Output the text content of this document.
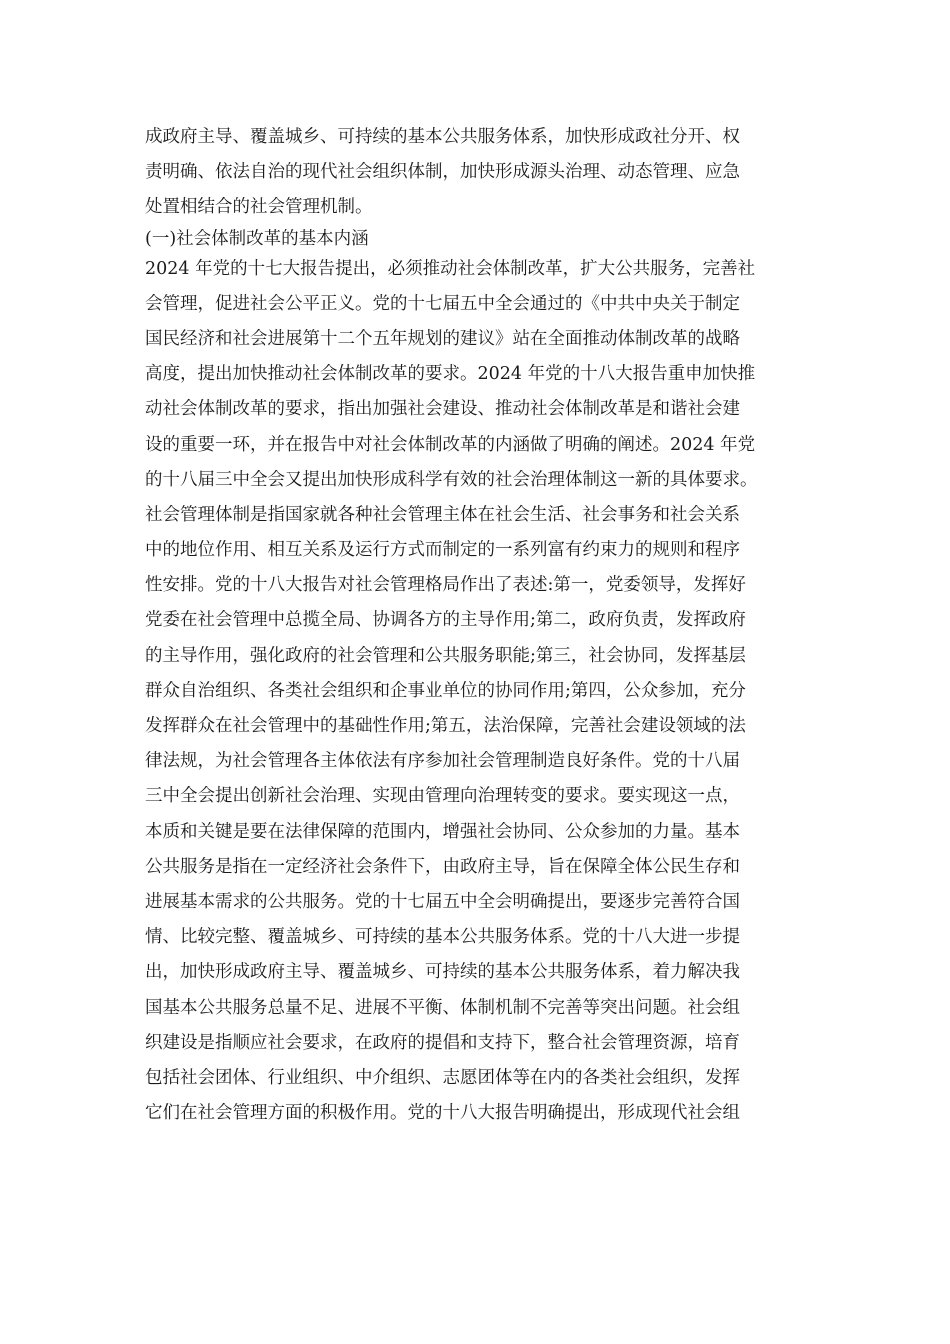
成政府主导、覆盖城乡、可持续的基本公共服务体系，加快形成政社分开、权
责明确、依法自治的现代社会组织体制，加快形成源头治理、动态管理、应急
处置相结合的社会管理机制。
(一)社会体制改革的基本内涵
2024 年党的十七大报告提出，必须推动社会体制改革，扩大公共服务，完善社
会管理，促进社会公平正义。党的十七届五中全会通过的《中共中央关于制定
国民经济和社会进展第十二个五年规划的建议》站在全面推动体制改革的战略
高度，提出加快推动社会体制改革的要求。2024 年党的十八大报告重申加快推
动社会体制改革的要求，指出加强社会建设、推动社会体制改革是和谐社会建
设的重要一环，并在报告中对社会体制改革的内涵做了明确的阐述。2024 年党
的十八届三中全会又提出加快形成科学有效的社会治理体制这一新的具体要求。
社会管理体制是指国家就各种社会管理主体在社会生活、社会事务和社会关系
中的地位作用、相互关系及运行方式而制定的一系列富有约束力的规则和程序
性安排。党的十八大报告对社会管理格局作出了表述:第一，党委领导，发挥好
党委在社会管理中总揽全局、协调各方的主导作用;第二，政府负责，发挥政府
的主导作用，强化政府的社会管理和公共服务职能;第三，社会协同，发挥基层
群众自治组织、各类社会组织和企事业单位的协同作用;第四，公众参加，充分
发挥群众在社会管理中的基础性作用;第五，法治保障，完善社会建设领域的法
律法规，为社会管理各主体依法有序参加社会管理制造良好条件。党的十八届
三中全会提出创新社会治理、实现由管理向治理转变的要求。要实现这一点，
本质和关键是要在法律保障的范围内，增强社会协同、公众参加的力量。基本
公共服务是指在一定经济社会条件下，由政府主导，旨在保障全体公民生存和
进展基本需求的公共服务。党的十七届五中全会明确提出，要逐步完善符合国
情、比较完整、覆盖城乡、可持续的基本公共服务体系。党的十八大进一步提
出，加快形成政府主导、覆盖城乡、可持续的基本公共服务体系，着力解决我
国基本公共服务总量不足、进展不平衡、体制机制不完善等突出问题。社会组
织建设是指顺应社会要求，在政府的提倡和支持下，整合社会管理资源，培育
包括社会团体、行业组织、中介组织、志愿团体等在内的各类社会组织，发挥
它们在社会管理方面的积极作用。党的十八大报告明确提出，形成现代社会组
